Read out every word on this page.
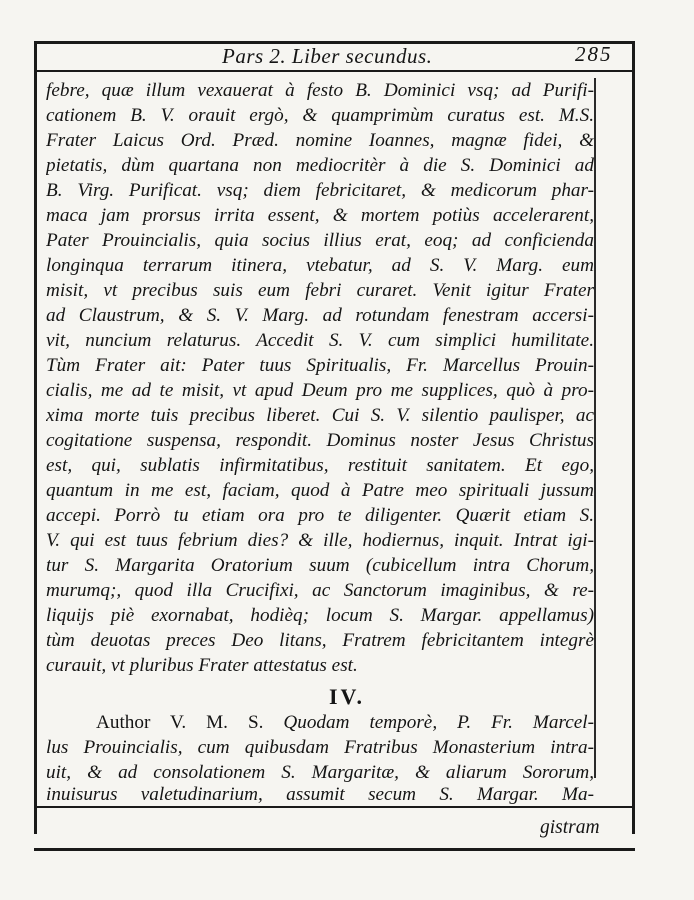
Pars 2. Liber secundus.	285
febre, quæ illum vexauerat à festo B. Dominici vsq; ad Purifi-
cationem B. V. orauit ergò, & quamprimùm curatus est. M.S.
Frater Laicus Ord. Præd. nomine Ioannes, magnæ fidei, &
pietatis, dùm quartana non mediocritèr à die S. Dominici ad
B. Virg. Purificat. vsq; diem febricitaret, & medicorum phar-
maca jam prorsus irrita essent, & mortem potiùs accelerarent,
Pater Prouincialis, quia socius illius erat, eoq; ad conficienda
longinqua terrarum itinera, vtebatur, ad S. V. Marg. eum
misit, vt precibus suis eum febri curaret. Venit igitur Frater
ad Claustrum, & S. V. Marg. ad rotundam fenestram accersi-
vit, nuncium relaturus. Accedit S. V. cum simplici humilitate.
Tùm Frater ait: Pater tuus Spiritualis, Fr. Marcellus Prouin-
cialis, me ad te misit, vt apud Deum pro me supplices, quò à pro-
xima morte tuis precibus liberet. Cui S. V. silentio paulisper, ac
cogitatione suspensa, respondit. Dominus noster Jesus Christus
est, qui, sublatis infirmitatibus, restituit sanitatem. Et ego,
quantum in me est, faciam, quod à Patre meo spirituali jussum
accepi. Porrò tu etiam ora pro te diligenter. Quærit etiam S.
V. qui est tuus febrium dies? & ille, hodiernus, inquit. Intrat igi-
tur S. Margarita Oratorium suum (cubicellum intra Chorum,
murumq;, quod illa Crucifixi, ac Sanctorum imaginibus, & re-
liquijs piè exornabat, hodièq; locum S. Margar. appellamus)
tùm deuotas preces Deo litans, Fratrem febricitantem integrè
curauit, vt pluribus Frater attestatus est.
IV.
Author V. M. S. Quodam temporè, P. Fr. Marcel-
lus Prouincialis, cum quibusdam Fratribus Monasterium intra-
uit, & ad consolationem S. Margaritæ, & aliarum Sororum,
inuisurus valetudinarium, assumit secum S. Margar. Ma-
gistram
